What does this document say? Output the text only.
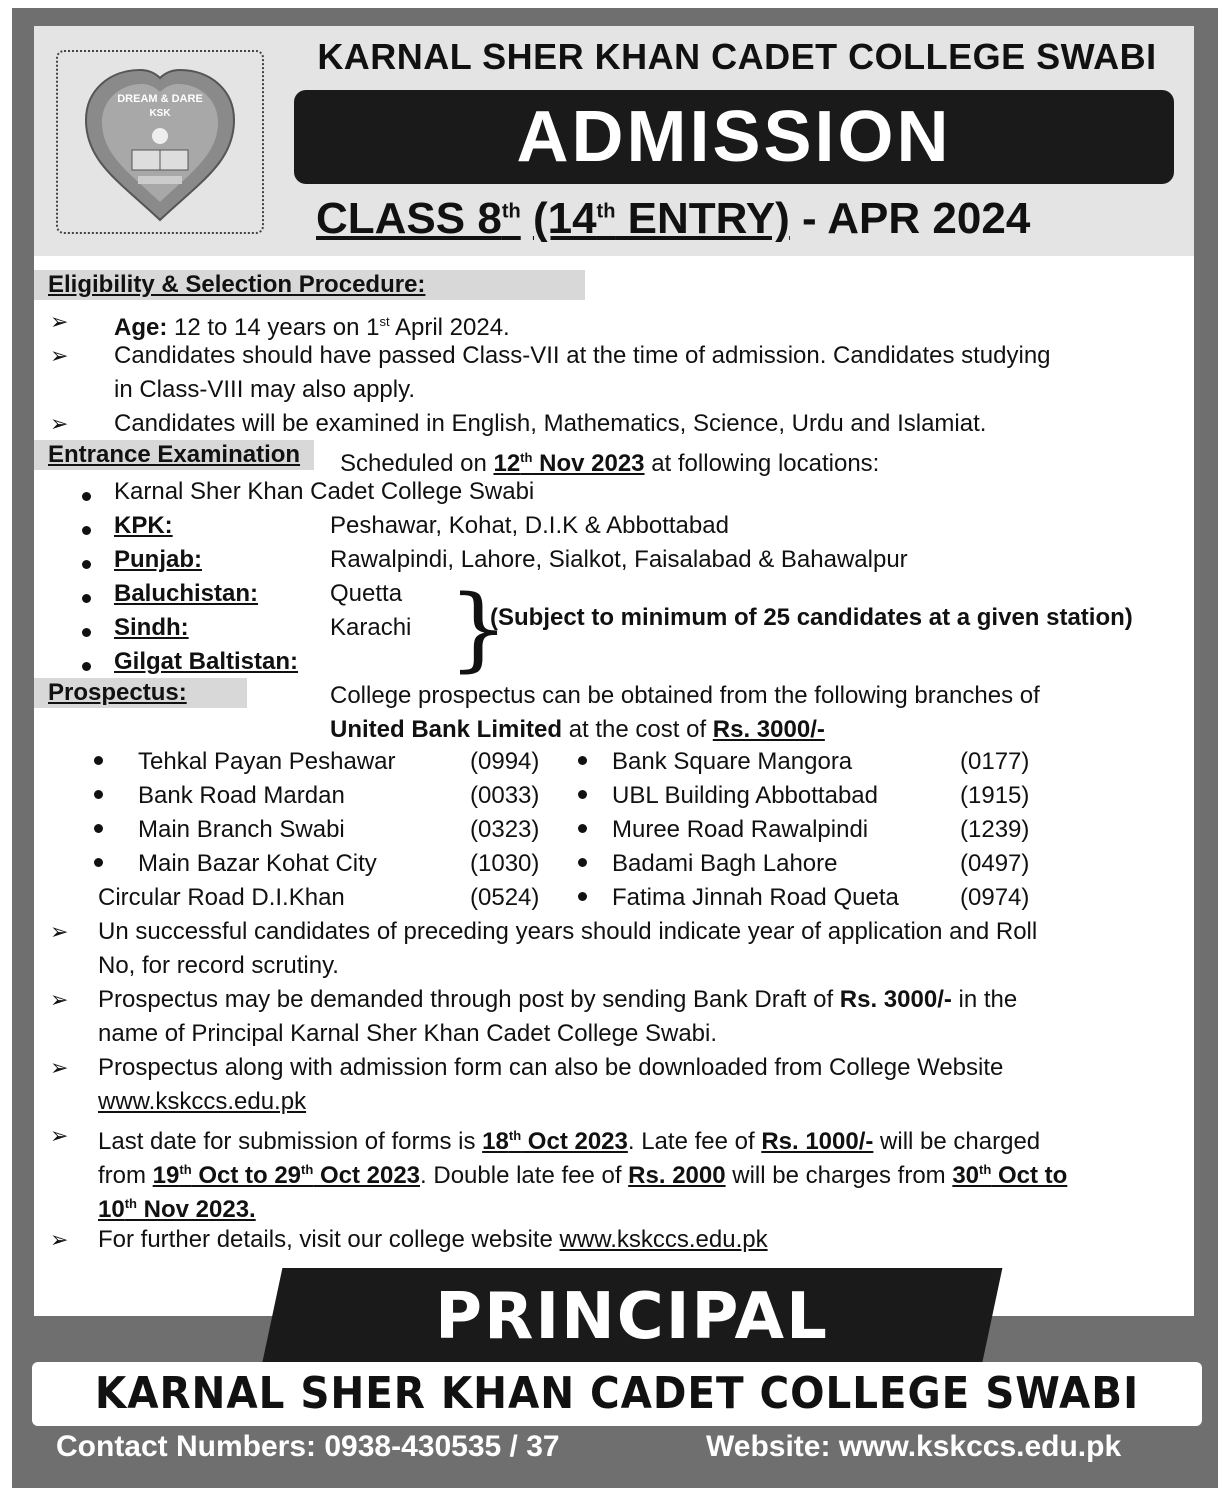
DREAM & DARE
KSK
KARNAL SHER KHAN CADET COLLEGE SWABI
ADMISSION
CLASS 8th (14th ENTRY) - APR 2024
Eligibility & Selection Procedure:
➢ Age: 12 to 14 years on 1st April 2024.
➢ Candidates should have passed Class-VII at the time of admission. Candidates studying
in Class-VIII may also apply.
➢ Candidates will be examined in English, Mathematics, Science, Urdu and Islamiat.
Entrance Examination	Scheduled on 12th Nov 2023 at following locations:
Karnal Sher Khan Cadet College Swabi
KPK:	Peshawar, Kohat, D.I.K & Abbottabad
Punjab:	Rawalpindi, Lahore, Sialkot, Faisalabad & Bahawalpur
Baluchistan:	Quetta
Sindh:	Karachi
Gilgat Baltistan: }
(Subject to minimum of 25 candidates at a given station)
Prospectus:	College prospectus can be obtained from the following branches of
United Bank Limited at the cost of Rs. 3000/-
Tehkal Payan Peshawar	(0994)
Bank Road Mardan	(0033)
Main Branch Swabi	(0323)
Main Bazar Kohat City	(1030)
Circular Road D.I.Khan	(0524)
Bank Square Mangora	(0177)
UBL Building Abbottabad	(1915)
Muree Road Rawalpindi	(1239)
Badami Bagh Lahore	(0497)
Fatima Jinnah Road Queta	(0974)
➢ Un successful candidates of preceding years should indicate year of application and Roll
No, for record scrutiny.
➢ Prospectus may be demanded through post by sending Bank Draft of Rs. 3000/- in the
name of Principal Karnal Sher Khan Cadet College Swabi.
➢ Prospectus along with admission form can also be downloaded from College Website
www.kskccs.edu.pk
➢ Last date for submission of forms is 18th Oct 2023. Late fee of Rs. 1000/- will be charged
from 19th Oct to 29th Oct 2023. Double late fee of Rs. 2000 will be charges from 30th Oct to
10th Nov 2023.
➢ For further details, visit our college website www.kskccs.edu.pk
PRINCIPAL
KARNAL SHER KHAN CADET COLLEGE SWABI
Contact Numbers: 0938-430535 / 37	Website: www.kskccs.edu.pk
